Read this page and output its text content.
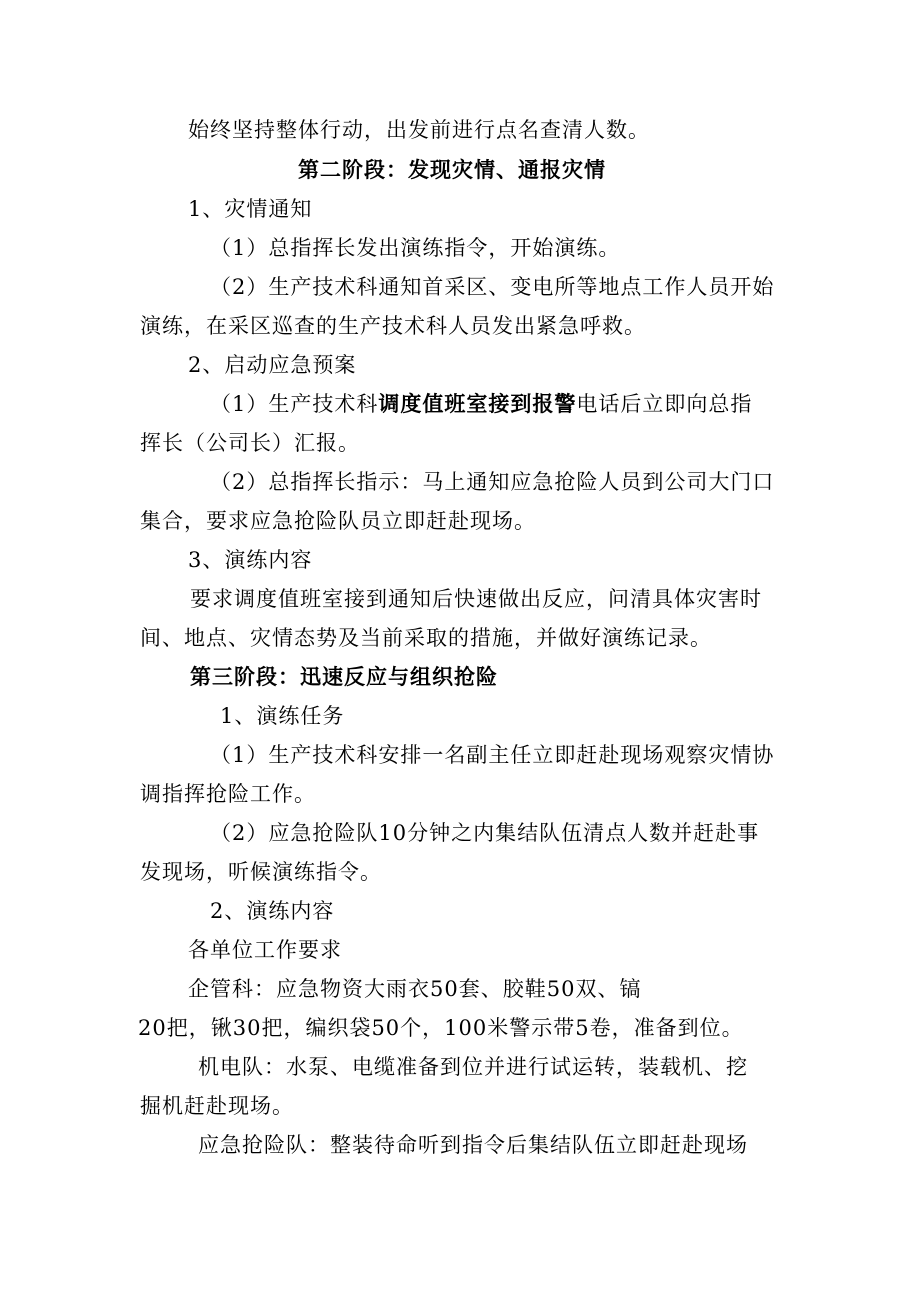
始终坚持整体行动，出发前进行点名查清人数。
第二阶段：发现灾情、通报灾情
1、灾情通知
（1）总指挥长发出演练指令，开始演练。
（2）生产技术科通知首采区、变电所等地点工作人员开始
演练，在采区巡查的生产技术科人员发出紧急呼救。
2、启动应急预案
（1）生产技术科调度值班室接到报警电话后立即向总指
挥长（公司长）汇报。
（2）总指挥长指示：马上通知应急抢险人员到公司大门口
集合，要求应急抢险队员立即赶赴现场。
3、演练内容
要求调度值班室接到通知后快速做出反应，问清具体灾害时
间、地点、灾情态势及当前采取的措施，并做好演练记录。
第三阶段：迅速反应与组织抢险
1、演练任务
（1）生产技术科安排一名副主任立即赶赴现场观察灾情协
调指挥抢险工作。
（2）应急抢险队10分钟之内集结队伍清点人数并赶赴事
发现场，听候演练指令。
2、演练内容
各单位工作要求
企管科：应急物资大雨衣50套、胶鞋50双、镐
20把，锹30把，编织袋50个，100米警示带5卷，准备到位。
机电队：水泵、电缆准备到位并进行试运转，装载机、挖
掘机赶赴现场。
应急抢险队：整装待命听到指令后集结队伍立即赶赴现场
